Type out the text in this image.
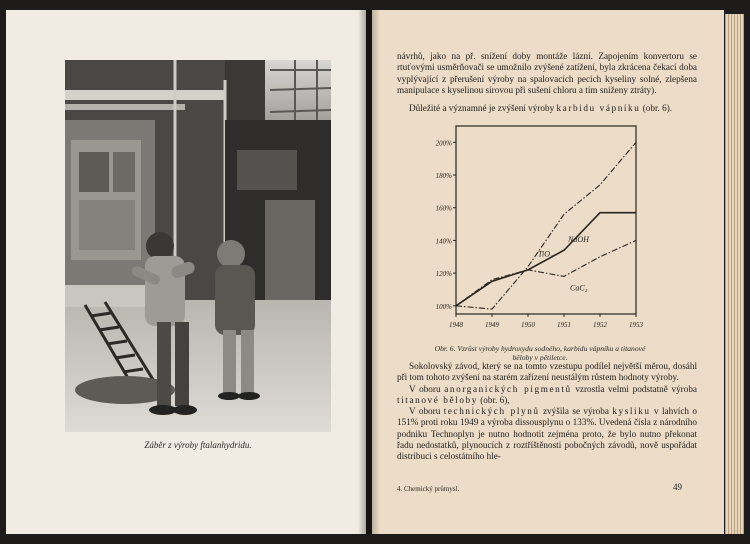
Záběr z výroby ftalanhydridu.

návrhů, jako na př. snížení doby montáže lázní. Zapojením konvertoru se rtuťovými usměrňovači se umožnilo zvýšené zatížení, byla zkrácena čekací doba vyplývající z přerušení výroby na spalovacích pecích kyseliny solné, zlepšena manipulace s kyselinou sírovou při sušení chloru a tím sníženy ztráty).

Důležité a významné je zvýšení výroby karbidu vápníku (obr. 6).

100%
120%
140%
160%
180%
200%
1948	1949	1950	1951	1952	1953
TiO₂
NaOH
CaC₂
Obr. 6. Vzrůst výroby hydroxydu sodného, karbidu vápníku a titanové běloby v pětiletce.

Sokolovský závod, který se na tomto vzestupu podílel největší měrou, dosáhl při tom tohoto zvýšení na starém zařízení neustálým růstem hodnoty výroby.

V oboru anorganických pigmentů vzrostla velmi podstatně výroba titanové běloby (obr. 6),

V oboru technických plynů zvýšila se výroba kysliku v lahvích o 151% proti roku 1949 a výroba dissousplynu o 133%. Uvedená čísla z národního podniku Technoplyn je nutno hodnotit zejména proto, že bylo nutno překonat řadu nedostatků, plynoucích z roztříštěnosti pobočných závodů, nově uspořádat distribuci s celostátního hle-

4. Chemický průmysl.	49
